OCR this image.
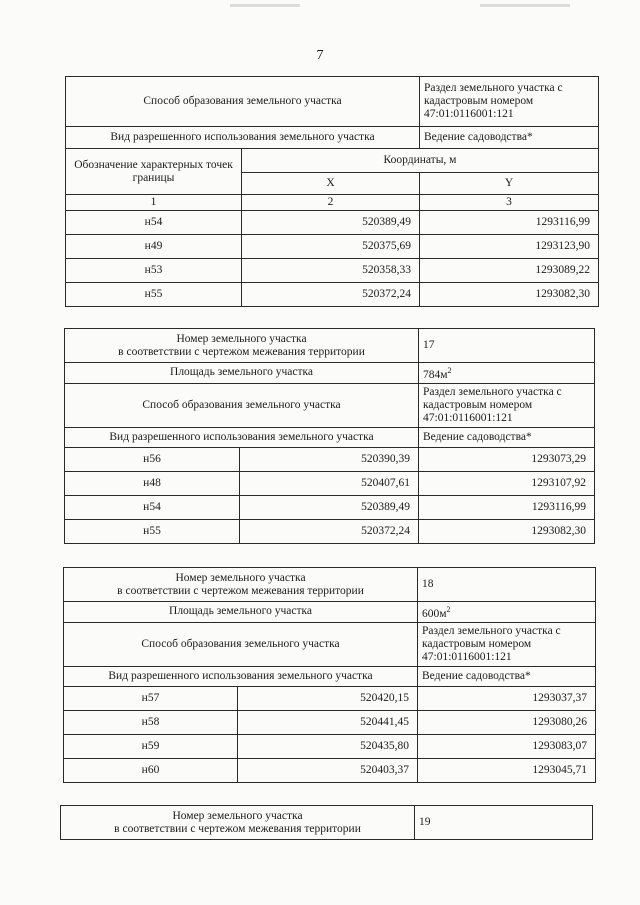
7
Способ образования земельного участка		Раздел земельного участка с кадастровым номером 47:01:0116001:121
Вид разрешенного использования земельного участка		Ведение садоводства*
Обозначение характерных точек границы	Координаты, м	
	X	Y
1	2	3
н54	520389,49	1293116,99
н49	520375,69	1293123,90
н53	520358,33	1293089,22
н55	520372,24	1293082,30
Номер земельного участка
в соответствии с чертежом межевания территории		17
Площадь земельного участка		$784м^2$
Способ образования земельного участка		Раздел земельного участка с кадастровым номером 47:01:0116001:121
Вид разрешенного использования земельного участка		Ведение садоводства*
н56	520390,39	1293073,29
н48	520407,61	1293107,92
н54	520389,49	1293116,99
н55	520372,24	1293082,30
Номер земельного участка
в соответствии с чертежом межевания территории		18
Площадь земельного участка		$600м^2$
Способ образования земельного участка		Раздел земельного участка с кадастровым номером 47:01:0116001:121
Вид разрешенного использования земельного участка		Ведение садоводства*
н57	520420,15	1293037,37
н58	520441,45	1293080,26
н59	520435,80	1293083,07
н60	520403,37	1293045,71
Номер земельного участка
в соответствии с чертежом межевания территории	19
